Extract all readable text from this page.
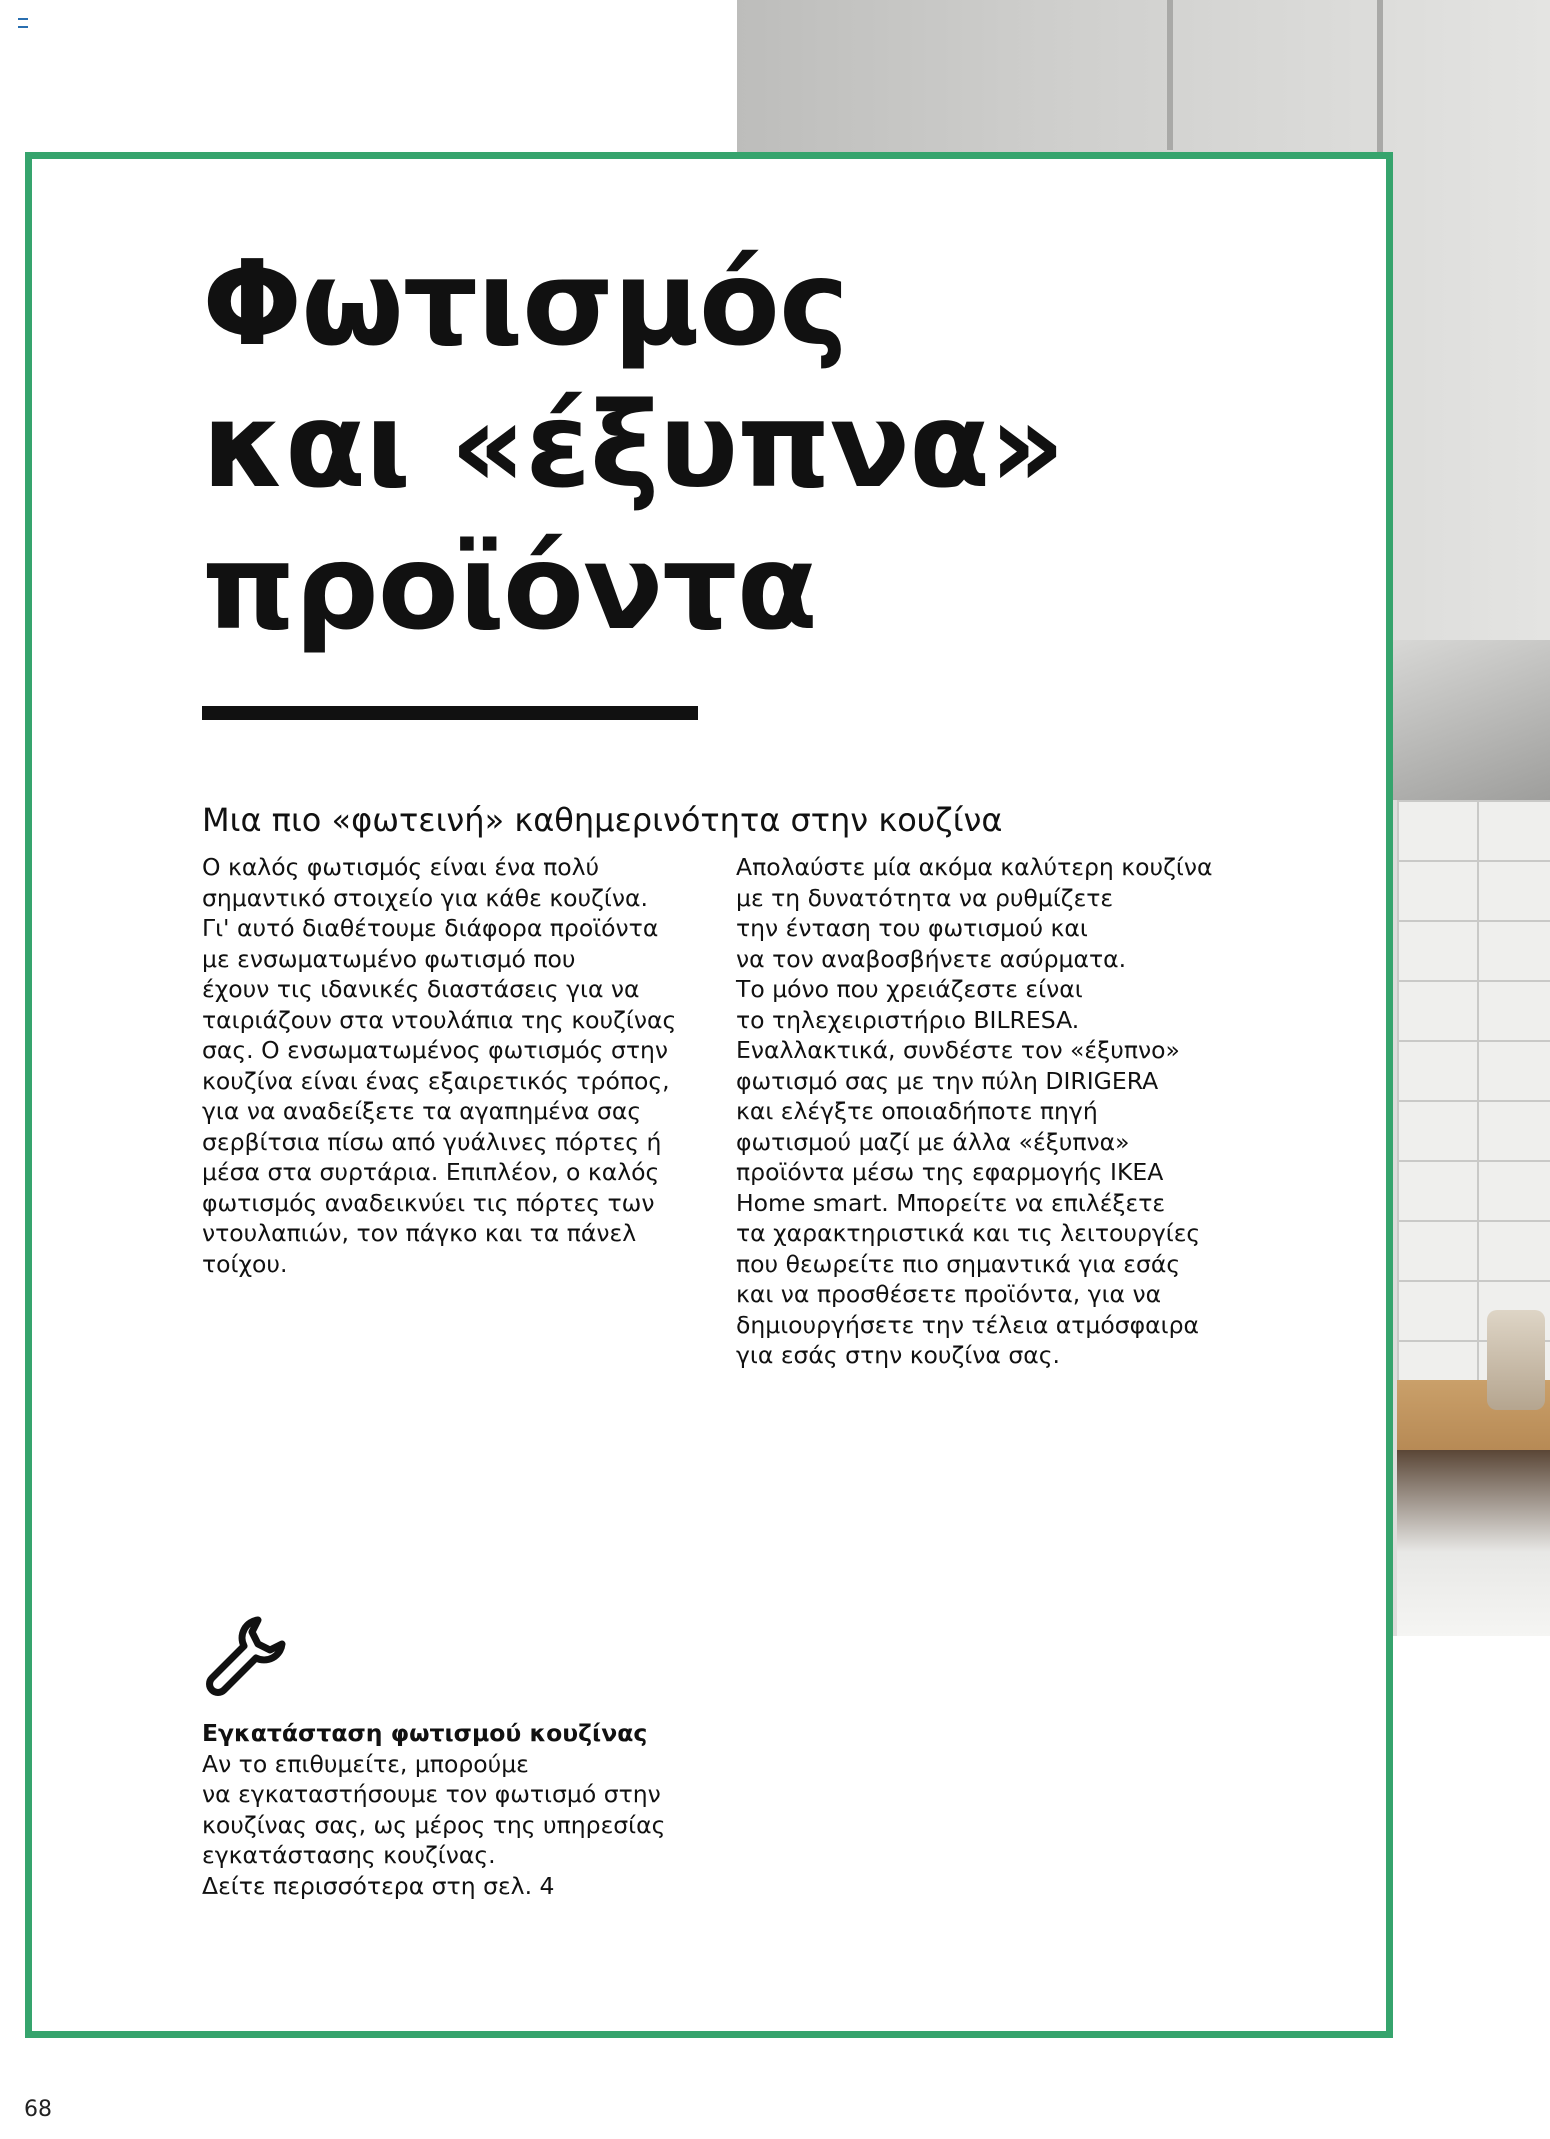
Φωτισμός
και «έξυπνα»
προϊόντα
Μια πιο «φωτεινή» καθημερινότητα στην κουζίνα
Ο καλός φωτισμός είναι ένα πολύ
σημαντικό στοιχείο για κάθε κουζίνα.
Γι' αυτό διαθέτουμε διάφορα προϊόντα
με ενσωματωμένο φωτισμό που
έχουν τις ιδανικές διαστάσεις για να
ταιριάζουν στα ντουλάπια της κουζίνας
σας. Ο ενσωματωμένος φωτισμός στην
κουζίνα είναι ένας εξαιρετικός τρόπος,
για να αναδείξετε τα αγαπημένα σας
σερβίτσια πίσω από γυάλινες πόρτες ή
μέσα στα συρτάρια. Επιπλέον, ο καλός
φωτισμός αναδεικνύει τις πόρτες των
ντουλαπιών, τον πάγκο και τα πάνελ
τοίχου.
Απολαύστε μία ακόμα καλύτερη κουζίνα
με τη δυνατότητα να ρυθμίζετε
την ένταση του φωτισμού και
να τον αναβοσβήνετε ασύρματα.
Το μόνο που χρειάζεστε είναι
το τηλεχειριστήριο BILRESA.
Εναλλακτικά, συνδέστε τον «έξυπνο»
φωτισμό σας με την πύλη DIRIGERA
και ελέγξτε οποιαδήποτε πηγή
φωτισμού μαζί με άλλα «έξυπνα»
προϊόντα μέσω της εφαρμογής IKEA
Home smart. Μπορείτε να επιλέξετε
τα χαρακτηριστικά και τις λειτουργίες
που θεωρείτε πιο σημαντικά για εσάς
και να προσθέσετε προϊόντα, για να
δημιουργήσετε την τέλεια ατμόσφαιρα
για εσάς στην κουζίνα σας.
Εγκατάσταση φωτισμού κουζίνας
Αν το επιθυμείτε, μπορούμε
να εγκαταστήσουμε τον φωτισμό στην
κουζίνας σας, ως μέρος της υπηρεσίας
εγκατάστασης κουζίνας.
Δείτε περισσότερα στη σελ. 4
68
